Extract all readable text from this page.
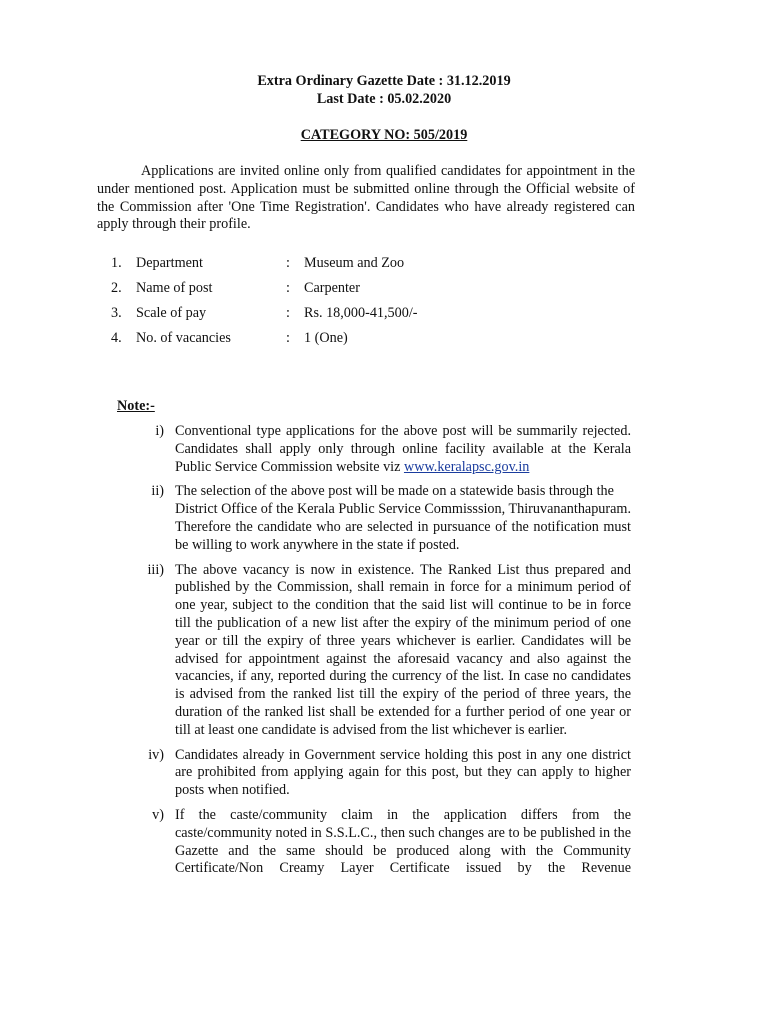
Extra Ordinary Gazette Date : 31.12.2019
Last Date : 05.02.2020
CATEGORY NO: 505/2019

Applications are invited online only from qualified candidates for appointment in the under mentioned post. Application must be submitted online through the Official website of the Commission after 'One Time Registration'. Candidates who have already registered can apply through their profile.

1. Department	: Museum and Zoo
2. Name of post	: Carpenter
3. Scale of pay	: Rs. 18,000-41,500/-
4. No. of vacancies	: 1 (One)
Note:-
i) Conventional type applications for the above post will be summarily rejected. Candidates shall apply only through online facility available at the Kerala Public Service Commission website viz www.keralapsc.gov.in
ii) The selection of the above post will be made on a statewide basis through the

District Office of the Kerala Public Service Commisssion, Thiruvananthapuram. Therefore the candidate who are selected in pursuance of the notification must be willing to work anywhere in the state if posted.

iii) The above vacancy is now in existence. The Ranked List thus prepared and published by the Commission, shall remain in force for a minimum period of one year, subject to the condition that the said list will continue to be in force till the publication of a new list after the expiry of the minimum period of one year or till the expiry of three years whichever is earlier. Candidates will be advised for appointment against the aforesaid vacancy and also against the vacancies, if any, reported during the currency of the list. In case no candidates is advised from the ranked list till the expiry of the period of three years, the duration of the ranked list shall be extended for a further period of one year or till at least one candidate is advised from the list whichever is earlier.
iv) Candidates already in Government service holding this post in any one district are prohibited from applying again for this post, but they can apply to higher posts when notified.
v) If the caste/community claim in the application differs from the caste/community noted in S.S.L.C., then such changes are to be published in the Gazette and the same should be produced along with the Community Certificate/Non Creamy Layer Certificate issued by the Revenue
